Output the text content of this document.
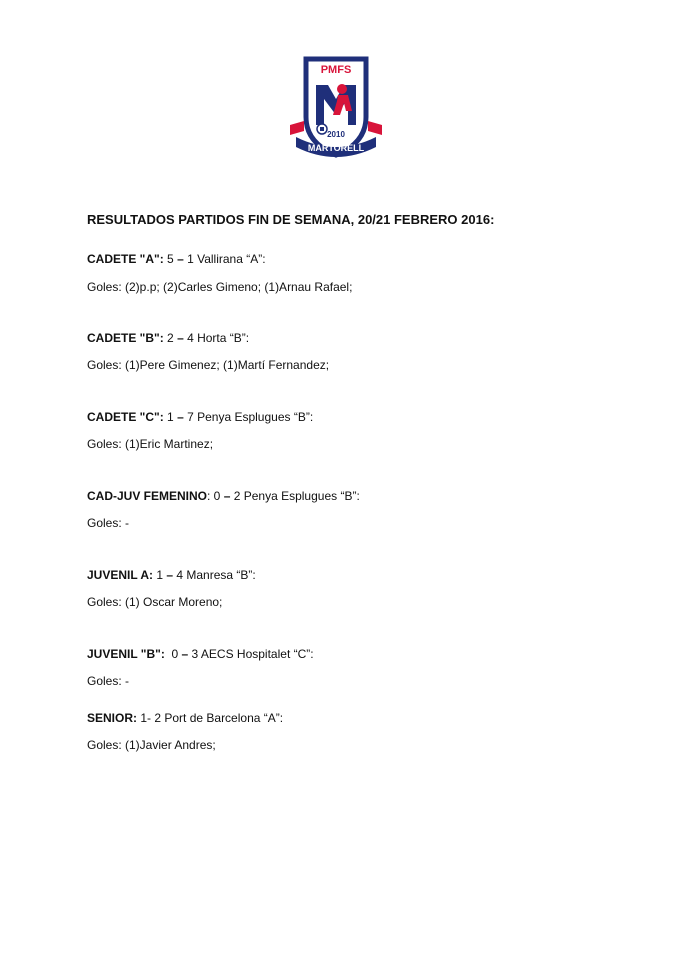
PMFS
2010
MARTORELL
RESULTADOS PARTIDOS FIN DE SEMANA, 20/21 FEBRERO 2016:
CADETE "A": 5 – 1 Vallirana “A”:
Goles: (2)p.p; (2)Carles Gimeno; (1)Arnau Rafael;
CADETE "B": 2 – 4 Horta “B”:
Goles: (1)Pere Gimenez; (1)Martí Fernandez;
CADETE "C": 1 – 7 Penya Esplugues “B”:
Goles: (1)Eric Martinez;
CAD-JUV FEMENINO: 0 – 2 Penya Esplugues “B”:
Goles: -
JUVENIL A: 1 – 4 Manresa “B”:
Goles: (1) Oscar Moreno;
JUVENIL "B":  0 – 3 AECS Hospitalet “C”:
Goles: -
SENIOR: 1- 2 Port de Barcelona “A”:
Goles: (1)Javier Andres;
